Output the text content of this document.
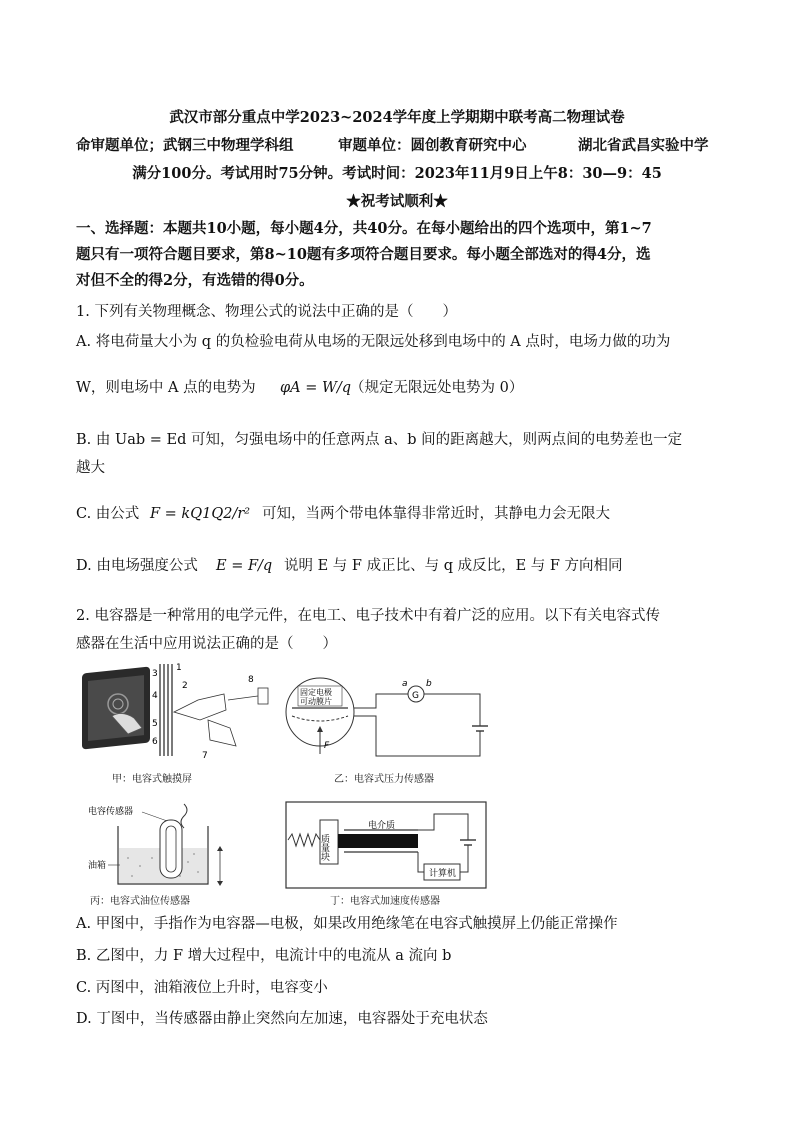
武汉市部分重点中学2023~2024学年度上学期期中联考高二物理试卷
命审题单位；武钢三中物理学科组	审题单位：圆创教育研究中心	湖北省武昌实验中学
满分100分。考试用时75分钟。考试时间：2023年11月9日上午8：30—9：45
★祝考试顺利★
一、选择题：本题共10小题，每小题4分，共40分。在每小题给出的四个选项中，第1~7
题只有一项符合题目要求，第8~10题有多项符合题目要求。每小题全部选对的得4分，选
对但不全的得2分，有选错的得0分。
1. 下列有关物理概念、物理公式的说法中正确的是（　　）
A. 将电荷量大小为 q 的负检验电荷从电场的无限远处移到电场中的 A 点时，电场力做的功为
W，则电场中 A 点的电势为 φA = W/q
（规定无限远处电势为 0）
B. 由 Uab = Ed 可知，匀强电场中的任意两点 a、b 间的距离越大，则两点间的电势差也一定
越大
C. 由公式 F = kQ1Q2/r² 可知，当两个带电体靠得非常近时，其静电力会无限大
D. 由电场强度公式 E = F/q 说明 E 与 F 成正比、与 q 成反比，E 与 F 方向相同
2. 电容器是一种常用的电学元件，在电工、电子技术中有着广泛的应用。以下有关电容式传
感器在生活中应用说法正确的是（　　）
1
2
3
4
5
6
7
8
甲：电容式触摸屏
F
固定电极
可动膜片
G
a b
乙：电容式压力传感器
电容传感器
油箱
丙：电容式油位传感器
质量块
电介质
计算机
丁：电容式加速度传感器
A. 甲图中，手指作为电容器—电极，如果改用绝缘笔在电容式触摸屏上仍能正常操作
B. 乙图中，力 F 增大过程中，电流计中的电流从 a 流向 b
C. 丙图中，油箱液位上升时，电容变小
D. 丁图中，当传感器由静止突然向左加速，电容器处于充电状态
